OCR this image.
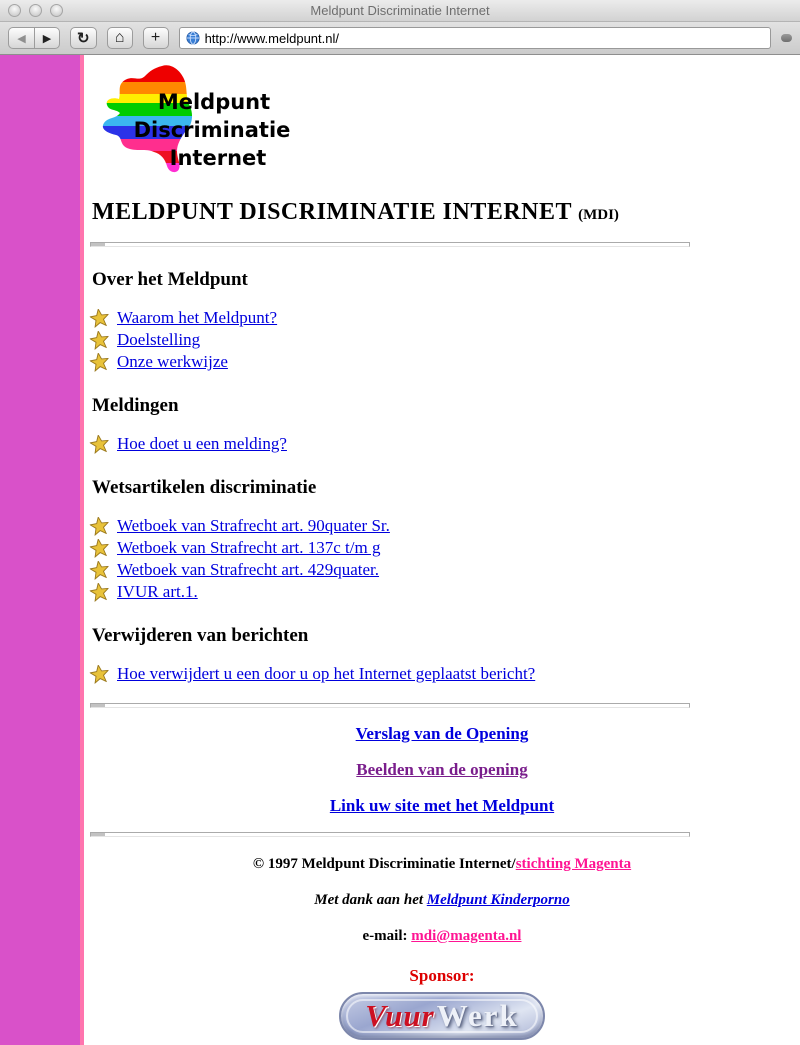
Meldpunt Discriminatie Internet
◀ ▶ ↻ ⌂ +	http://www.meldpunt.nl/
Meldpunt
Discriminatie
Internet
MELDPUNT DISCRIMINATIE INTERNET (MDI)
Over het Meldpunt
Waarom het Meldpunt?
Doelstelling
Onze werkwijze
Meldingen
Hoe doet u een melding?
Wetsartikelen discriminatie
Wetboek van Strafrecht art. 90quater Sr.
Wetboek van Strafrecht art. 137c t/m g
Wetboek van Strafrecht art. 429quater.
IVUR art.1.
Verwijderen van berichten
Hoe verwijdert u een door u op het Internet geplaatst bericht?
Verslag van de Opening
Beelden van de opening
Link uw site met het Meldpunt
© 1997 Meldpunt Discriminatie Internet/stichting Magenta
Met dank aan het Meldpunt Kinderporno
e-mail: mdi@magenta.nl
Sponsor:
Vuur Werk
